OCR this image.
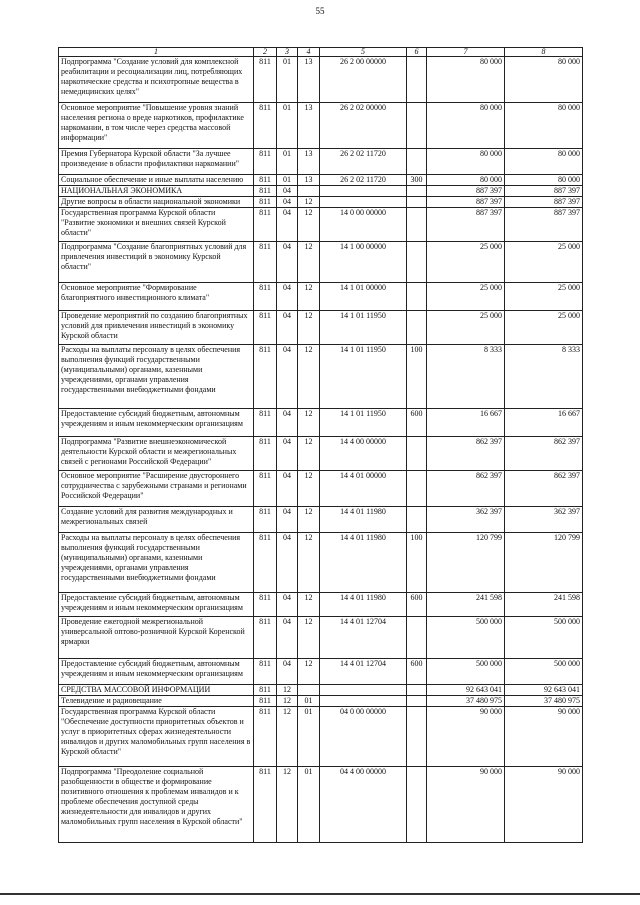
55
1	2	3	4	5	6	7	8
Подпрограмма "Создание условий для комплексной реабилитации и ресоциализации лиц, потребляющих наркотические средства и психотропные вещества в немедицинских целях"	811	01	13	26 2 00 00000		80 000	80 000
Основное мероприятие "Повышение уровня знаний населения региона о вреде наркотиков, профилактике наркомании, в том числе через средства массовой информации"	811	01	13	26 2 02 00000		80 000	80 000
Премия Губернатора Курской области "За лучшее произведение в области профилактики наркомании"	811	01	13	26 2 02 11720		80 000	80 000
Социальное обеспечение и иные выплаты населению	811	01	13	26 2 02 11720	300	80 000	80 000
НАЦИОНАЛЬНАЯ ЭКОНОМИКА	811	04				887 397	887 397
Другие вопросы в области национальной экономики	811	04	12			887 397	887 397
Государственная программа Курской области "Развитие экономики и внешних связей Курской области"	811	04	12	14 0 00 00000		887 397	887 397
Подпрограмма "Создание благоприятных условий для привлечения инвестиций в экономику Курской области"	811	04	12	14 1 00 00000		25 000	25 000
Основное мероприятие "Формирование благоприятного инвестиционного климата"	811	04	12	14 1 01 00000		25 000	25 000
Проведение мероприятий по созданию благоприятных условий для привлечения инвестиций в экономику Курской области	811	04	12	14 1 01 11950		25 000	25 000
Расходы на выплаты персоналу в целях обеспечения выполнения функций государственными (муниципальными) органами, казенными учреждениями, органами управления государственными внебюджетными фондами	811	04	12	14 1 01 11950	100	8 333	8 333
Предоставление субсидий бюджетным, автономным учреждениям и иным некоммерческим организациям	811	04	12	14 1 01 11950	600	16 667	16 667
Подпрограмма "Развитие внешнеэкономической деятельности Курской области и межрегиональных связей с регионами Российской Федерации"	811	04	12	14 4 00 00000		862 397	862 397
Основное мероприятие "Расширение двустороннего сотрудничества с зарубежными странами и регионами Российской Федерации"	811	04	12	14 4 01 00000		862 397	862 397
Создание условий для развития международных и межрегиональных связей	811	04	12	14 4 01 11980		362 397	362 397
Расходы на выплаты персоналу в целях обеспечения выполнения функций государственными (муниципальными) органами, казенными учреждениями, органами управления государственными внебюджетными фондами	811	04	12	14 4 01 11980	100	120 799	120 799
Предоставление субсидий бюджетным, автономным учреждениям и иным некоммерческим организациям	811	04	12	14 4 01 11980	600	241 598	241 598
Проведение ежегодной межрегиональной универсальной оптово-розничной Курской Коренской ярмарки	811	04	12	14 4 01 12704		500 000	500 000
Предоставление субсидий бюджетным, автономным учреждениям и иным некоммерческим организациям	811	04	12	14 4 01 12704	600	500 000	500 000
СРЕДСТВА МАССОВОЙ ИНФОРМАЦИИ	811	12				92 643 041	92 643 041
Телевидение и радиовещание	811	12	01			37 480 975	37 480 975
Государственная программа Курской области "Обеспечение доступности приоритетных объектов и услуг в приоритетных сферах жизнедеятельности инвалидов и других маломобильных групп населения в Курской области"	811	12	01	04 0 00 00000		90 000	90 000
Подпрограмма "Преодоление социальной разобщенности в обществе и формирование позитивного отношения к проблемам инвалидов и к проблеме обеспечения доступной среды жизнедеятельности для инвалидов и других маломобильных групп населения в Курской области"	811	12	01	04 4 00 00000		90 000	90 000
